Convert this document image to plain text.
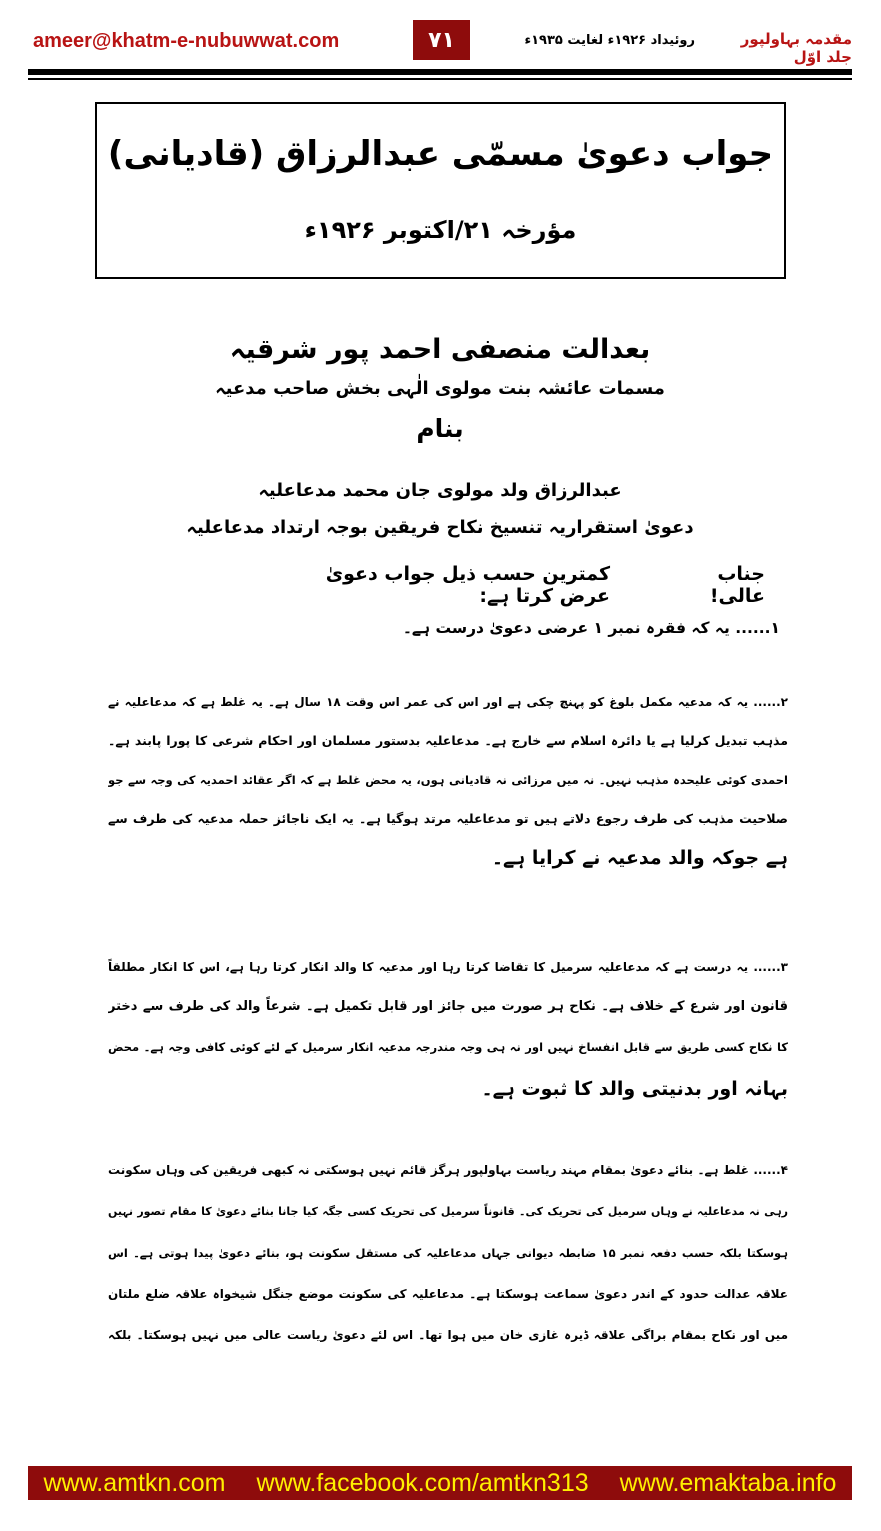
ameer@khatm-e-nubuwwat.com	۷۱	روئیداد ۱۹۲۶ء لغایت ۱۹۳۵ء	مقدمہ بہاولپور جلد اوّل
جواب دعویٰ مسمّی عبدالرزاق (قادیانی)
مؤرخہ ۲۱/اکتوبر ۱۹۲۶ء
بعدالت منصفی احمد پور شرقیہ
مسمات عائشہ بنت مولوی الٰہی بخش صاحب مدعیہ
بنام
عبدالرزاق ولد مولوی جان محمد مدعاعلیہ
دعویٰ استقراریہ تنسیخ نکاح فریقین بوجہ ارتداد مدعاعلیہ
جناب عالی!
کمترین حسب ذیل جواب دعویٰ عرض کرتا ہے:
۱...... یہ کہ فقرہ نمبر ۱ عرضی دعویٰ درست ہے۔
۲...... یہ کہ مدعیہ مکمل بلوغ کو پہنچ چکی ہے اور اس کی عمر اس وقت ۱۸ سال ہے۔ یہ غلط ہے کہ مدعاعلیہ نے
مذہب تبدیل کرلیا ہے یا دائرہ اسلام سے خارج ہے۔ مدعاعلیہ بدستور مسلمان اور احکام شرعی کا پورا پابند ہے۔
احمدی کوئی علیحدہ مذہب نہیں۔ نہ میں مرزائی نہ قادیانی ہوں، یہ محض غلط ہے کہ اگر عقائد احمدیہ کی وجہ سے جو
صلاحیت مذہب کی طرف رجوع دلاتے ہیں تو مدعاعلیہ مرتد ہوگیا ہے۔ یہ ایک ناجائز حملہ مدعیہ کی طرف سے
ہے جوکہ والد مدعیہ نے کرایا ہے۔
۳...... یہ درست ہے کہ مدعاعلیہ سرمیل کا تقاضا کرتا رہا اور مدعیہ کا والد انکار کرتا رہا ہے، اس کا انکار مطلقاً
قانون اور شرع کے خلاف ہے۔ نکاح ہر صورت میں جائز اور قابل تکمیل ہے۔ شرعاً والد کی طرف سے دختر
کا نکاح کسی طریق سے قابل انفساخ نہیں اور نہ ہی وجہ مندرجہ مدعیہ انکار سرمیل کے لئے کوئی کافی وجہ ہے۔ محض
بہانہ اور بدنیتی والد کا ثبوت ہے۔
۴...... غلط ہے۔ بنائے دعویٰ بمقام مہند ریاست بہاولپور ہرگز قائم نہیں ہوسکتی نہ کبھی فریقین کی وہاں سکونت
رہی نہ مدعاعلیہ نے وہاں سرمیل کی تحریک کی۔ قانوناً سرمیل کی تحریک کسی جگہ کیا جانا بنائے دعویٰ کا مقام تصور نہیں
ہوسکتا بلکہ حسب دفعہ نمبر ۱۵ ضابطہ دیوانی جہاں مدعاعلیہ کی مستقل سکونت ہو، بنائے دعویٰ پیدا ہوتی ہے۔ اس
علاقہ عدالت حدود کے اندر دعویٰ سماعت ہوسکتا ہے۔ مدعاعلیہ کی سکونت موضع جنگل شیخواہ علاقہ ضلع ملتان
میں اور نکاح بمقام براگی علاقہ ڈیرہ غازی خان میں ہوا تھا۔ اس لئے دعویٰ ریاست عالی میں نہیں ہوسکتا۔ بلکہ
www.amtkn.com www.facebook.com/amtkn313 www.emaktaba.info
